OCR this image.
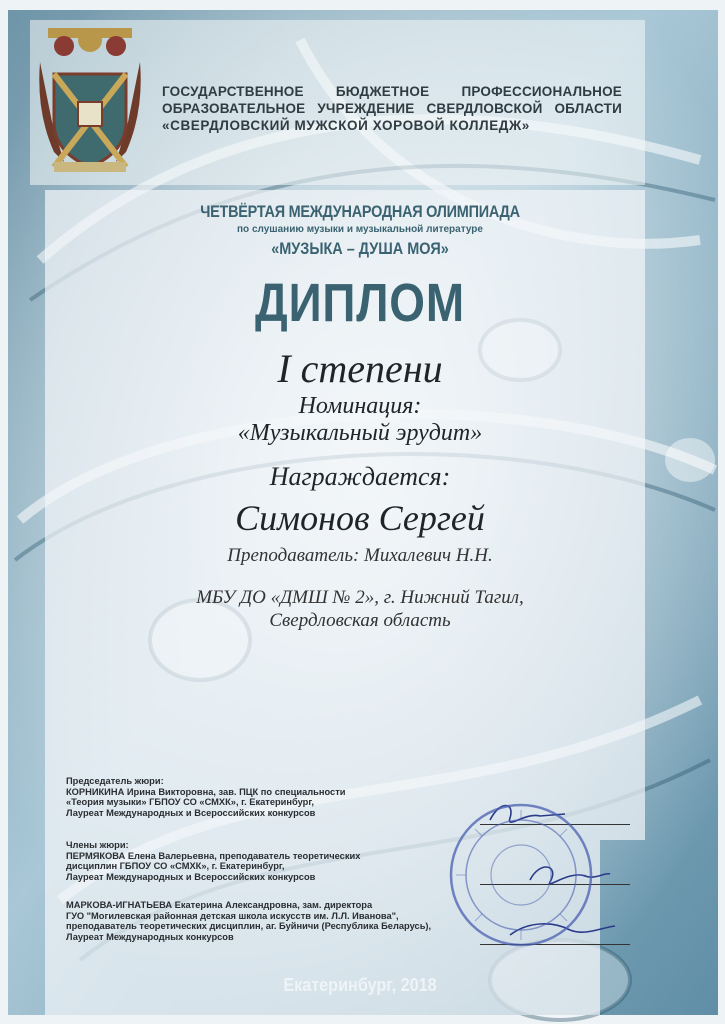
ГОСУДАРСТВЕННОЕ БЮДЖЕТНОЕ ПРОФЕССИОНАЛЬНОЕ
ОБРАЗОВАТЕЛЬНОЕ УЧРЕЖДЕНИЕ СВЕРДЛОВСКОЙ ОБЛАСТИ
«СВЕРДЛОВСКИЙ МУЖСКОЙ ХОРОВОЙ КОЛЛЕДЖ»
ЧЕТВЁРТАЯ МЕЖДУНАРОДНАЯ ОЛИМПИАДА
по слушанию музыки и музыкальной литературе
«МУЗЫКА – ДУША МОЯ»
ДИПЛОМ
I степени
Номинация:
«Музыкальный эрудит»
Награждается:
Симонов Сергей
Преподаватель: Михалевич Н.Н.
МБУ ДО «ДМШ № 2», г. Нижний Тагил,
Свердловская область
Председатель жюри:
КОРНИКИНА Ирина Викторовна, зав. ПЦК по специальности
«Теория музыки» ГБПОУ СО «СМХК», г. Екатеринбург,
Лауреат Международных и Всероссийских конкурсов
Члены жюри:
ПЕРМЯКОВА Елена Валерьевна, преподаватель теоретических
дисциплин ГБПОУ СО «СМХК», г. Екатеринбург,
Лауреат Международных и Всероссийских конкурсов
МАРКОВА-ИГНАТЬЕВА Екатерина Александровна, зам. директора
ГУО "Могилевская районная детская школа искусств им. Л.Л. Иванова",
преподаватель теоретических дисциплин, аг. Буйничи (Республика Беларусь),
Лауреат Международных конкурсов
Екатеринбург, 2018
